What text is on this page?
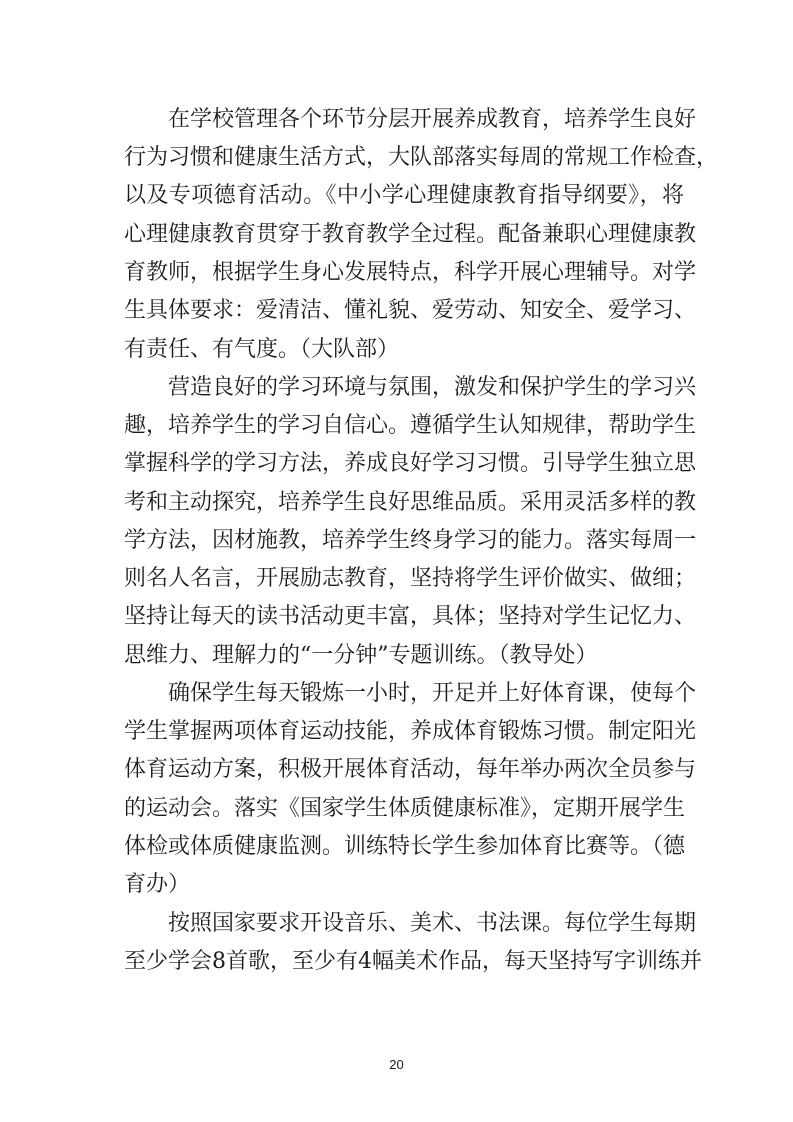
在学校管理各个环节分层开展养成教育，培养学生良好
行为习惯和健康生活方式，大队部落实每周的常规工作检查，
以及专项德育活动。《中小学心理健康教育指导纲要》，将
心理健康教育贯穿于教育教学全过程。配备兼职心理健康教
育教师，根据学生身心发展特点，科学开展心理辅导。对学
生具体要求：爱清洁、懂礼貌、爱劳动、知安全、爱学习、
有责任、有气度。（大队部）
营造良好的学习环境与氛围，激发和保护学生的学习兴
趣，培养学生的学习自信心。遵循学生认知规律，帮助学生
掌握科学的学习方法，养成良好学习习惯。引导学生独立思
考和主动探究，培养学生良好思维品质。采用灵活多样的教
学方法，因材施教，培养学生终身学习的能力。落实每周一
则名人名言，开展励志教育，坚持将学生评价做实、做细；
坚持让每天的读书活动更丰富，具体；坚持对学生记忆力、
思维力、理解力的“一分钟”专题训练。（教导处）
确保学生每天锻炼一小时，开足并上好体育课，使每个
学生掌握两项体育运动技能，养成体育锻炼习惯。制定阳光
体育运动方案，积极开展体育活动，每年举办两次全员参与
的运动会。落实《国家学生体质健康标准》，定期开展学生
体检或体质健康监测。训练特长学生参加体育比赛等。（德
育办）
按照国家要求开设音乐、美术、书法课。每位学生每期
至少学会8首歌，至少有4幅美术作品，每天坚持写字训练并
20
